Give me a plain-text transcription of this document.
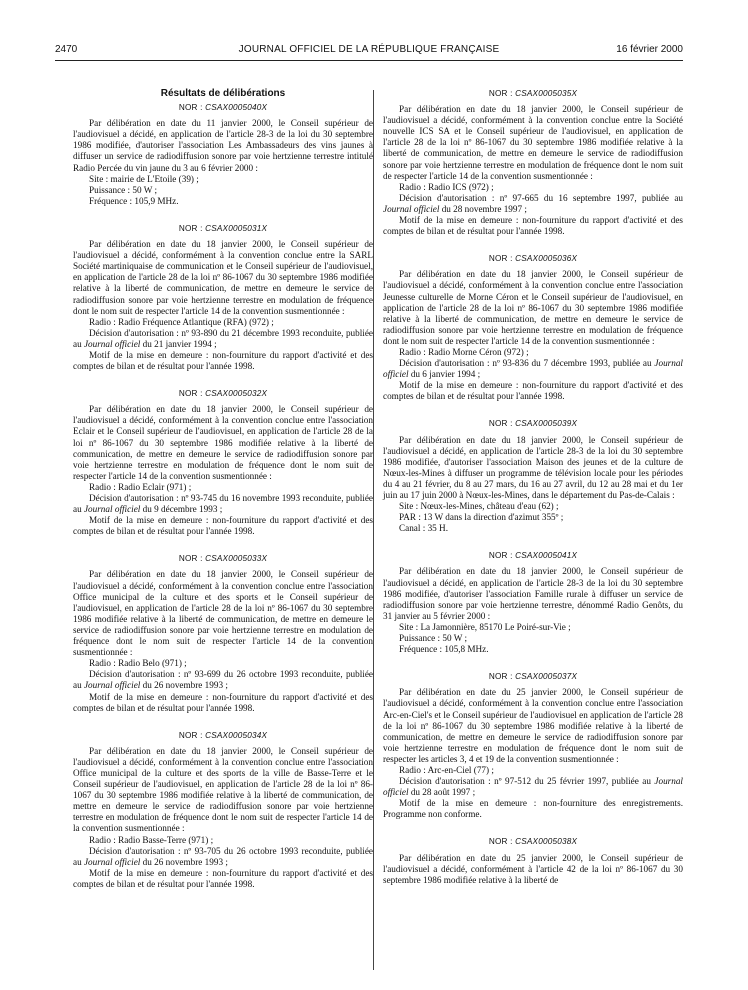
2470	JOURNAL OFFICIEL DE LA RÉPUBLIQUE FRANÇAISE	16 février 2000
Résultats de délibérations
NOR : CSAX0005040X

Par délibération en date du 11 janvier 2000, le Conseil supérieur de l'audiovisuel a décidé, en application de l'article 28-3 de la loi du 30 septembre 1986 modifiée, d'autoriser l'association Les Ambassadeurs des vins jaunes à diffuser un service de radiodiffusion sonore par voie hertzienne terrestre intitulé Radio Percée du vin jaune du 3 au 6 février 2000 :

Site : mairie de L'Etoile (39) ;

Puissance : 50 W ;

Fréquence : 105,9 MHz.

NOR : CSAX0005031X

Par délibération en date du 18 janvier 2000, le Conseil supérieur de l'audiovisuel a décidé, conformément à la convention conclue entre la SARL Société martiniquaise de communication et le Conseil supérieur de l'audiovisuel, en application de l'article 28 de la loi nº 86-1067 du 30 septembre 1986 modifiée relative à la liberté de communication, de mettre en demeure le service de radiodiffusion sonore par voie hertzienne terrestre en modulation de fréquence dont le nom suit de respecter l'article 14 de la convention susmentionnée :

Radio : Radio Fréquence Atlantique (RFA) (972) ;

Décision d'autorisation : nº 93-890 du 21 décembre 1993 reconduite, publiée au Journal officiel du 21 janvier 1994 ;

Motif de la mise en demeure : non-fourniture du rapport d'activité et des comptes de bilan et de résultat pour l'année 1998.

NOR : CSAX0005032X

Par délibération en date du 18 janvier 2000, le Conseil supérieur de l'audiovisuel a décidé, conformément à la convention conclue entre l'association Eclair et le Conseil supérieur de l'audiovisuel, en application de l'article 28 de la loi nº 86-1067 du 30 septembre 1986 modifiée relative à la liberté de communication, de mettre en demeure le service de radiodiffusion sonore par voie hertzienne terrestre en modulation de fréquence dont le nom suit de respecter l'article 14 de la convention susmentionnée :

Radio : Radio Eclair (971) ;

Décision d'autorisation : nº 93-745 du 16 novembre 1993 reconduite, publiée au Journal officiel du 9 décembre 1993 ;

Motif de la mise en demeure : non-fourniture du rapport d'activité et des comptes de bilan et de résultat pour l'année 1998.

NOR : CSAX0005033X

Par délibération en date du 18 janvier 2000, le Conseil supérieur de l'audiovisuel a décidé, conformément à la convention conclue entre l'association Office municipal de la culture et des sports et le Conseil supérieur de l'audiovisuel, en application de l'article 28 de la loi nº 86-1067 du 30 septembre 1986 modifiée relative à la liberté de communication, de mettre en demeure le service de radiodiffusion sonore par voie hertzienne terrestre en modulation de fréquence dont le nom suit de respecter l'article 14 de la convention susmentionnée :

Radio : Radio Belo (971) ;

Décision d'autorisation : nº 93-699 du 26 octobre 1993 reconduite, publiée au Journal officiel du 26 novembre 1993 ;

Motif de la mise en demeure : non-fourniture du rapport d'activité et des comptes de bilan et de résultat pour l'année 1998.

NOR : CSAX0005034X

Par délibération en date du 18 janvier 2000, le Conseil supérieur de l'audiovisuel a décidé, conformément à la convention conclue entre l'association Office municipal de la culture et des sports de la ville de Basse-Terre et le Conseil supérieur de l'audiovisuel, en application de l'article 28 de la loi nº 86-1067 du 30 septembre 1986 modifiée relative à la liberté de communication, de mettre en demeure le service de radiodiffusion sonore par voie hertzienne terrestre en modulation de fréquence dont le nom suit de respecter l'article 14 de la convention susmentionnée :

Radio : Radio Basse-Terre (971) ;

Décision d'autorisation : nº 93-705 du 26 octobre 1993 reconduite, publiée au Journal officiel du 26 novembre 1993 ;

Motif de la mise en demeure : non-fourniture du rapport d'activité et des comptes de bilan et de résultat pour l'année 1998.

NOR : CSAX0005035X

Par délibération en date du 18 janvier 2000, le Conseil supérieur de l'audiovisuel a décidé, conformément à la convention conclue entre la Société nouvelle ICS SA et le Conseil supérieur de l'audiovisuel, en application de l'article 28 de la loi nº 86-1067 du 30 septembre 1986 modifiée relative à la liberté de communication, de mettre en demeure le service de radiodiffusion sonore par voie hertzienne terrestre en modulation de fréquence dont le nom suit de respecter l'article 14 de la convention susmentionnée :

Radio : Radio ICS (972) ;

Décision d'autorisation : nº 97-665 du 16 septembre 1997, publiée au Journal officiel du 28 novembre 1997 ;

Motif de la mise en demeure : non-fourniture du rapport d'activité et des comptes de bilan et de résultat pour l'année 1998.

NOR : CSAX0005036X

Par délibération en date du 18 janvier 2000, le Conseil supérieur de l'audiovisuel a décidé, conformément à la convention conclue entre l'association Jeunesse culturelle de Morne Céron et le Conseil supérieur de l'audiovisuel, en application de l'article 28 de la loi nº 86-1067 du 30 septembre 1986 modifiée relative à la liberté de communication, de mettre en demeure le service de radiodiffusion sonore par voie hertzienne terrestre en modulation de fréquence dont le nom suit de respecter l'article 14 de la convention susmentionnée :

Radio : Radio Morne Céron (972) ;

Décision d'autorisation : nº 93-836 du 7 décembre 1993, publiée au Journal officiel du 6 janvier 1994 ;

Motif de la mise en demeure : non-fourniture du rapport d'activité et des comptes de bilan et de résultat pour l'année 1998.

NOR : CSAX0005039X

Par délibération en date du 18 janvier 2000, le Conseil supérieur de l'audiovisuel a décidé, en application de l'article 28-3 de la loi du 30 septembre 1986 modifiée, d'autoriser l'association Maison des jeunes et de la culture de Nœux-les-Mines à diffuser un programme de télévision locale pour les périodes du 4 au 21 février, du 8 au 27 mars, du 16 au 27 avril, du 12 au 28 mai et du 1er juin au 17 juin 2000 à Nœux-les-Mines, dans le département du Pas-de-Calais :

Site : Nœux-les-Mines, château d'eau (62) ;

PAR : 13 W dans la direction d'azimut 355º ;

Canal : 35 H.

NOR : CSAX0005041X

Par délibération en date du 18 janvier 2000, le Conseil supérieur de l'audiovisuel a décidé, en application de l'article 28-3 de la loi du 30 septembre 1986 modifiée, d'autoriser l'association Famille rurale à diffuser un service de radiodiffusion sonore par voie hertzienne terrestre, dénommé Radio Genôts, du 31 janvier au 5 février 2000 :

Site : La Jamonnière, 85170 Le Poiré-sur-Vie ;

Puissance : 50 W ;

Fréquence : 105,8 MHz.

NOR : CSAX0005037X

Par délibération en date du 25 janvier 2000, le Conseil supérieur de l'audiovisuel a décidé, conformément à la convention conclue entre l'association Arc-en-Ciel's et le Conseil supérieur de l'audiovisuel en application de l'article 28 de la loi nº 86-1067 du 30 septembre 1986 modifiée relative à la liberté de communication, de mettre en demeure le service de radiodiffusion sonore par voie hertzienne terrestre en modulation de fréquence dont le nom suit de respecter les articles 3, 4 et 19 de la convention susmentionnée :

Radio : Arc-en-Ciel (77) ;

Décision d'autorisation : nº 97-512 du 25 février 1997, publiée au Journal officiel du 28 août 1997 ;

Motif de la mise en demeure : non-fourniture des enregistrements. Programme non conforme.

NOR : CSAX0005038X

Par délibération en date du 25 janvier 2000, le Conseil supérieur de l'audiovisuel a décidé, conformément à l'article 42 de la loi nº 86-1067 du 30 septembre 1986 modifiée relative à la liberté de
